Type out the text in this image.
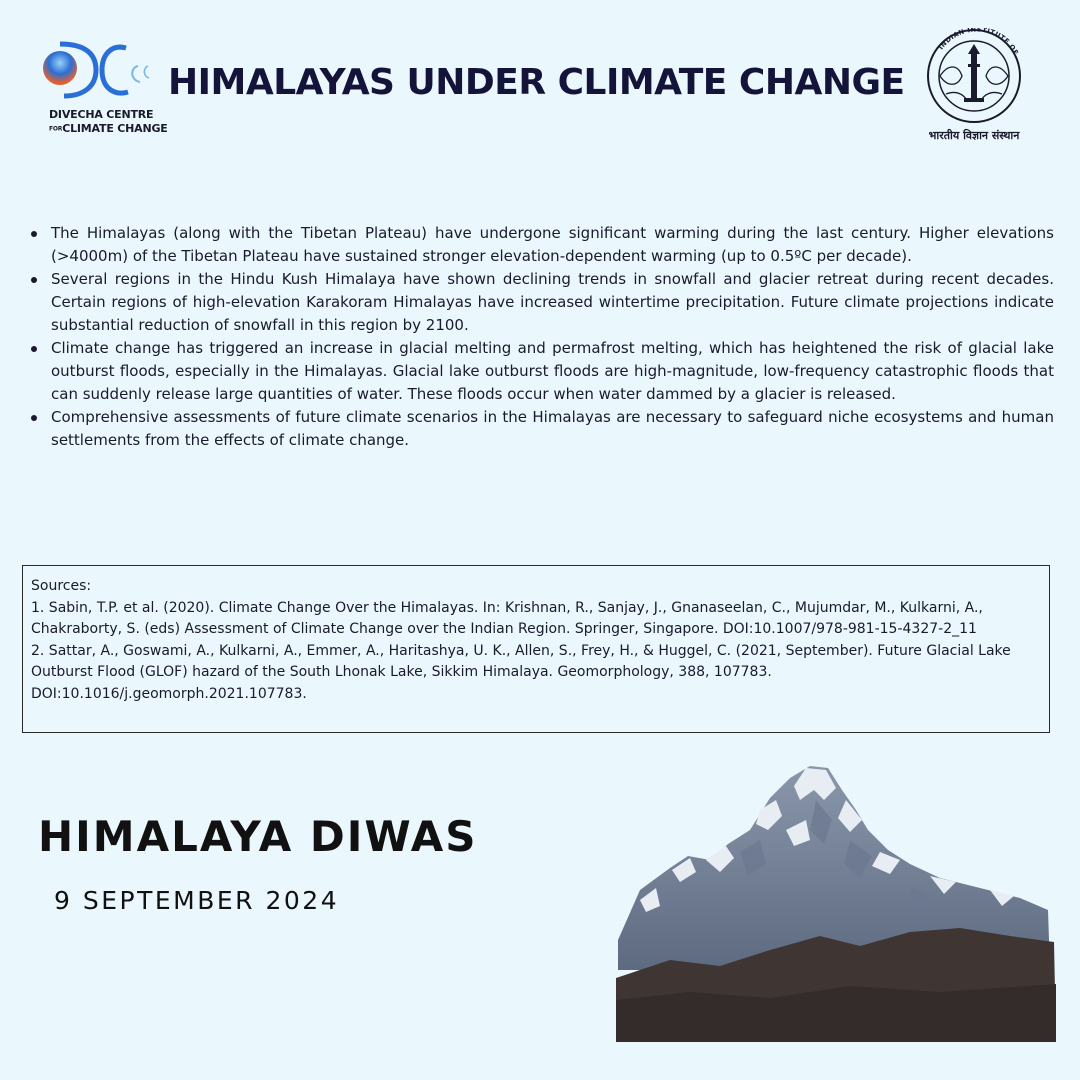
DIVECHA CENTRE
FORCLIMATE CHANGE
HIMALAYAS UNDER CLIMATE CHANGE
INDIAN INSTITUTE OF
भारतीय विज्ञान संस्थान
The Himalayas (along with the Tibetan Plateau) have undergone significant warming during the last century. Higher elevations (>4000m) of the Tibetan Plateau have sustained stronger elevation-dependent warming (up to 0.5ºC per decade).
Several regions in the Hindu Kush Himalaya have shown declining trends in snowfall and glacier retreat during recent decades. Certain regions of high-elevation Karakoram Himalayas have increased wintertime precipitation. Future climate projections indicate substantial reduction of snowfall in this region by 2100.
Climate change has triggered an increase in glacial melting and permafrost melting, which has heightened the risk of glacial lake outburst floods, especially in the Himalayas. Glacial lake outburst floods are high-magnitude, low-frequency catastrophic floods that can suddenly release large quantities of water. These floods occur when water dammed by a glacier is released.
Comprehensive assessments of future climate scenarios in the Himalayas are necessary to safeguard niche ecosystems and human settlements from the effects of climate change.
Sources:
1. Sabin, T.P. et al. (2020). Climate Change Over the Himalayas. In: Krishnan, R., Sanjay, J., Gnanaseelan, C., Mujumdar, M., Kulkarni, A., Chakraborty, S. (eds) Assessment of Climate Change over the Indian Region. Springer, Singapore. DOI:10.1007/978-981-15-4327-2_11
2. Sattar, A., Goswami, A., Kulkarni, A., Emmer, A., Haritashya, U. K., Allen, S., Frey, H., & Huggel, C. (2021, September). Future Glacial Lake Outburst Flood (GLOF) hazard of the South Lhonak Lake, Sikkim Himalaya. Geomorphology, 388, 107783. DOI:10.1016/j.geomorph.2021.107783.
HIMALAYA DIWAS
9 SEPTEMBER 2024
